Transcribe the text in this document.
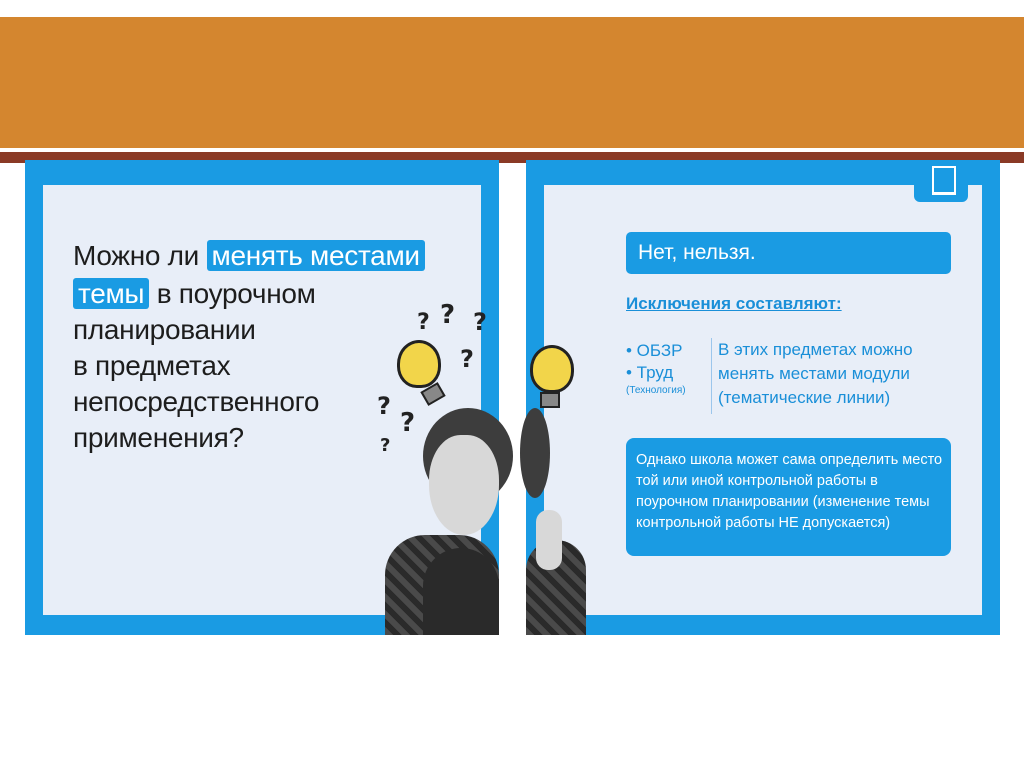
Можно ли менять местами
темы в поурочном
планировании
в предметах
непосредственного
применения?
? ? ?
?
?
?
?
Нет, нельзя.
Исключения составляют:
• ОБЗР
• Труд
(Технология)
В этих предметах можно менять местами модули (тематические линии)
Однако школа может сама определить место той или иной контрольной работы в поурочном планировании (изменение темы контрольной работы НЕ допускается)
